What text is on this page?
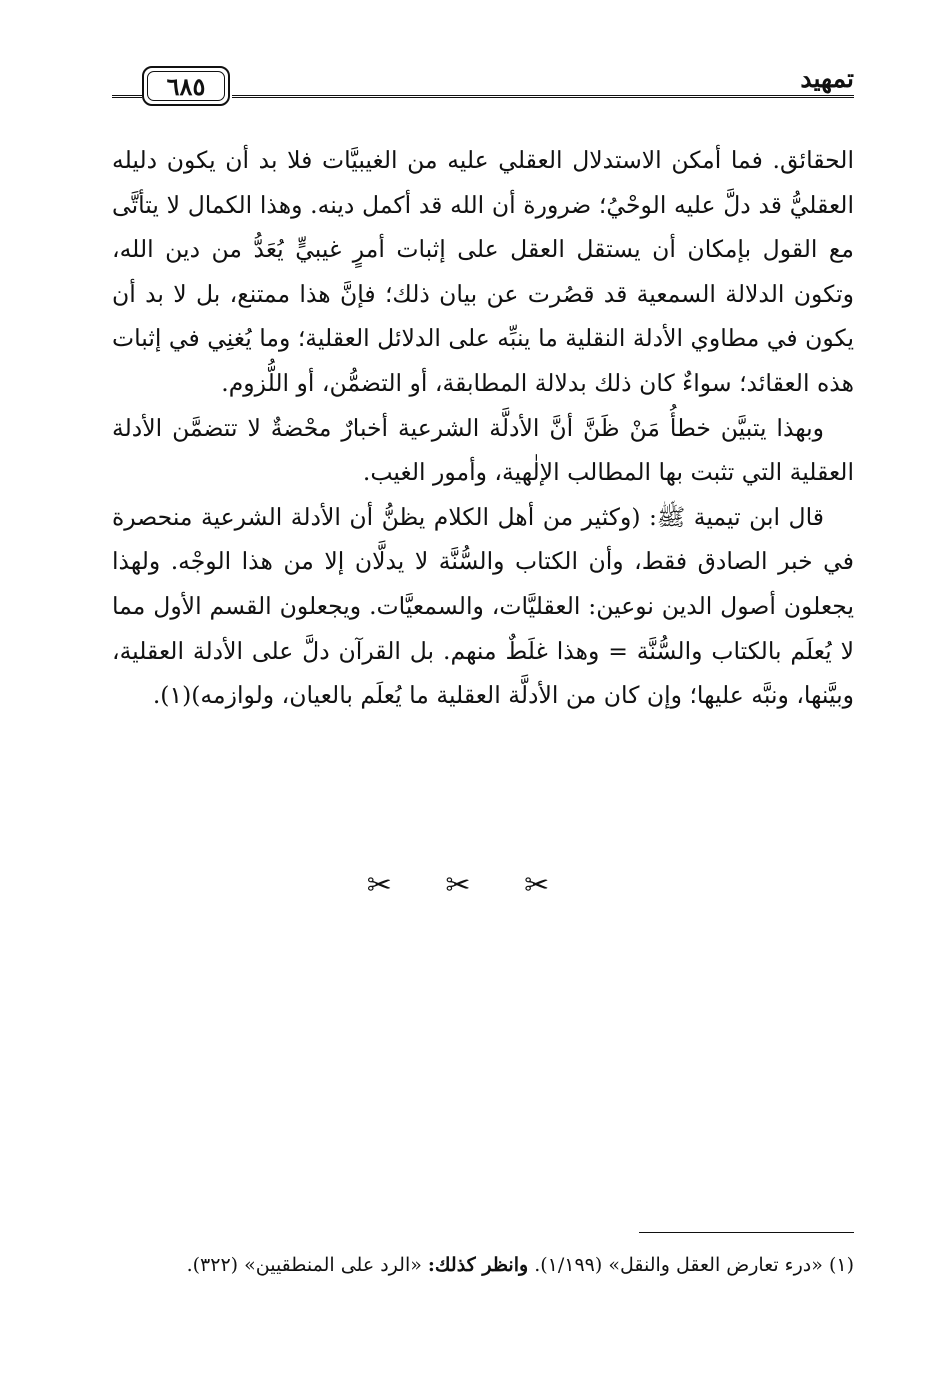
تمهيد
٦٨٥

الحقائق. فما أمكن الاستدلال العقلي عليه من الغيبيَّات فلا بد أن يكون دليله العقليُّ قد دلَّ عليه الوحْيُ؛ ضرورة أن الله قد أكمل دينه. وهذا الكمال لا يتأتَّى مع القول بإمكان أن يستقل العقل على إثبات أمرٍ غيبيٍّ يُعَدُّ من دين الله، وتكون الدلالة السمعية قد قصُرت عن بيان ذلك؛ فإنَّ هذا ممتنع، بل لا بد أن يكون في مطاوي الأدلة النقلية ما ينبِّه على الدلائل العقلية؛ وما يُغنِي في إثبات هذه العقائد؛ سواءٌ كان ذلك بدلالة المطابقة، أو التضمُّن، أو اللُّزوم.

وبهذا يتبيَّن خطأُ مَنْ ظَنَّ أنَّ الأدلَّة الشرعية أخبارٌ محْضةٌ لا تتضمَّن الأدلة العقلية التي تثبت بها المطالب الإلٰهية، وأمور الغيب.

قال ابن تيمية ﷺ: (وكثير من أهل الكلام يظنُّ أن الأدلة الشرعية منحصرة في خبر الصادق فقط، وأن الكتاب والسُّنَّة لا يدلَّان إلا من هذا الوجْه. ولهذا يجعلون أصول الدين نوعين: العقليَّات، والسمعيَّات. ويجعلون القسم الأول مما لا يُعلَم بالكتاب والسُّنَّة = وهذا غلَطٌ منهم. بل القرآن دلَّ على الأدلة العقلية، وبيَّنها، ونبَّه عليها؛ وإن كان من الأدلَّة العقلية ما يُعلَم بالعيان، ولوازمه)(١).

✂ ✂ ✂
(١) «درء تعارض العقل والنقل» (١/١٩٩). وانظر كذلك: «الرد على المنطقيين» (٣٢٢).
